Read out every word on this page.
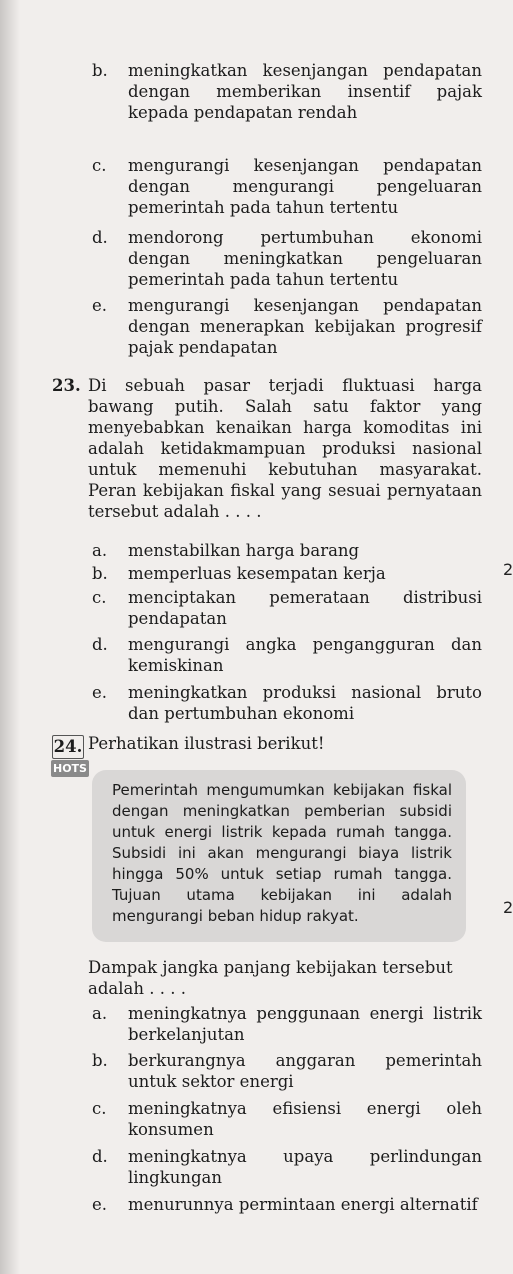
b. meningkatkan kesenjangan pendapatan dengan memberikan insentif pajak kepada pendapatan rendah
c. mengurangi kesenjangan pendapatan dengan mengurangi pengeluaran pemerintah pada tahun tertentu
d. mendorong pertumbuhan ekonomi dengan meningkatkan pengeluaran pemerintah pada tahun tertentu
e. mengurangi kesenjangan pendapatan dengan menerapkan kebijakan progresif pajak pendapatan
23. Di sebuah pasar terjadi fluktuasi harga bawang putih. Salah satu faktor yang menyebabkan kenaikan harga komoditas ini adalah ketidakmampuan produksi nasional untuk memenuhi kebutuhan masyarakat. Peran kebijakan fiskal yang sesuai pernyataan tersebut adalah . . . .
a. menstabilkan harga barang
b. memperluas kesempatan kerja
c. menciptakan pemerataan distribusi pendapatan
d. mengurangi angka pengangguran dan kemiskinan
e. meningkatkan produksi nasional bruto dan pertumbuhan ekonomi
24.
HOTS
Perhatikan ilustrasi berikut!
Pemerintah mengumumkan kebijakan fiskal dengan meningkatkan pemberian subsidi untuk energi listrik kepada rumah tangga. Subsidi ini akan mengurangi biaya listrik hingga 50% untuk setiap rumah tangga. Tujuan utama kebijakan ini adalah mengurangi beban hidup rakyat.
Dampak jangka panjang kebijakan tersebut adalah . . . .
a. meningkatnya penggunaan energi listrik berkelanjutan
b. berkurangnya anggaran pemerintah untuk sektor energi
c. meningkatnya efisiensi energi oleh konsumen
d. meningkatnya upaya perlindungan lingkungan
e. menurunnya permintaan energi alternatif
2
2
